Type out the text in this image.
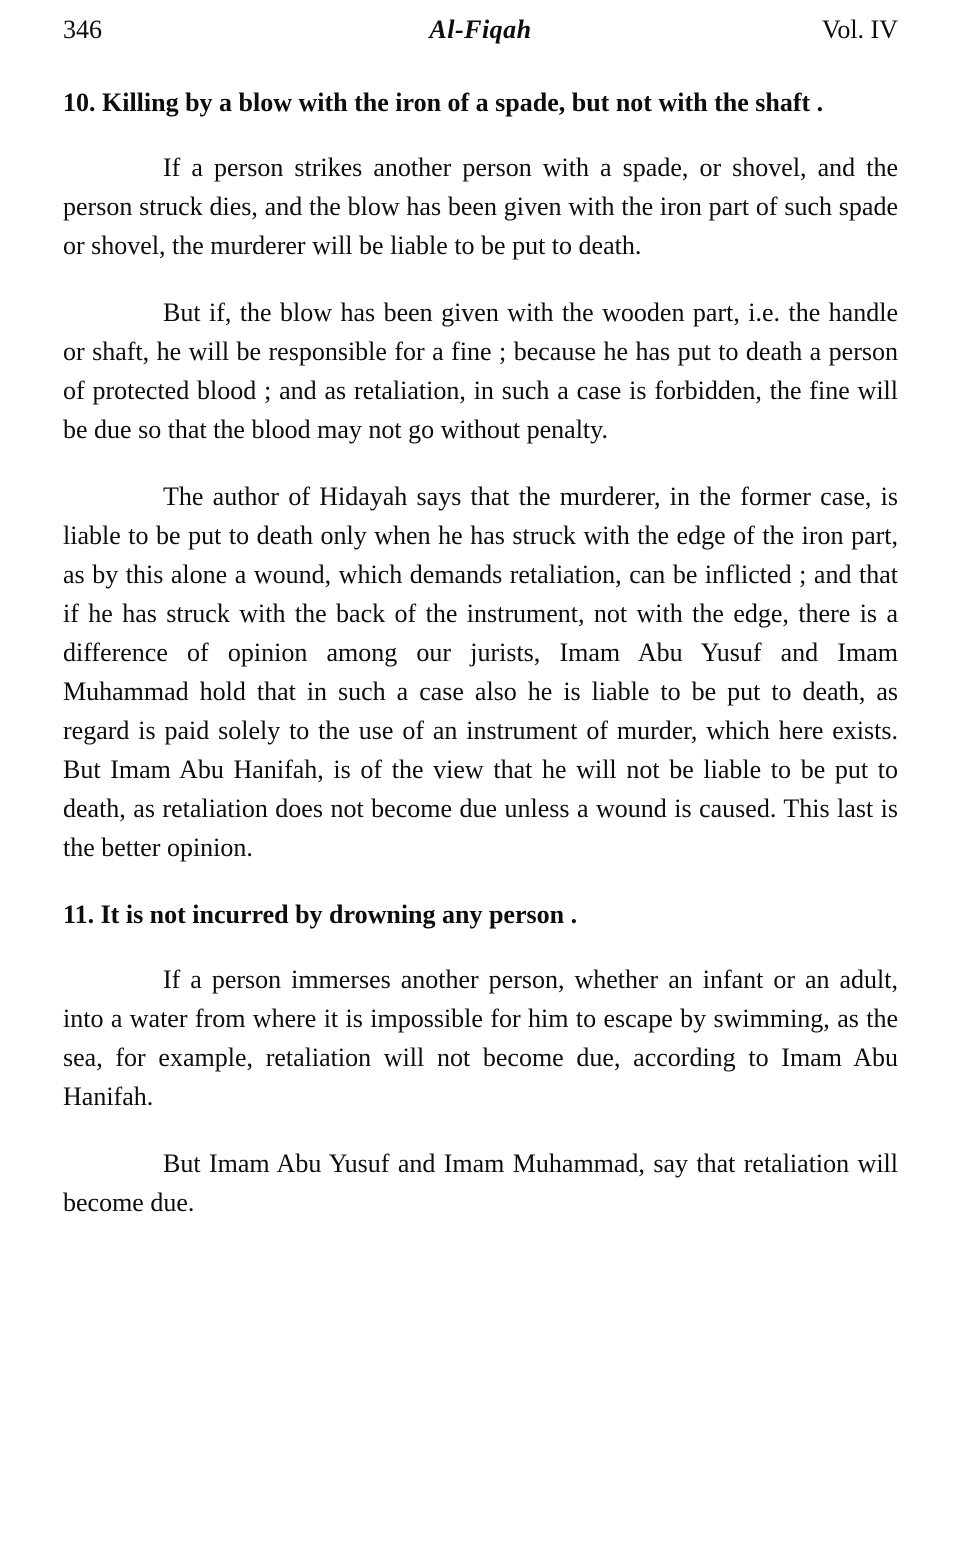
346	Al-Fiqah	Vol. IV
10. Killing by a blow with the iron of a spade, but not with the shaft .

If a person strikes another person with a spade, or shovel, and the person struck dies, and the blow has been given with the iron part of such spade or shovel, the murderer will be liable to be put to death.

But if, the blow has been given with the wooden part, i.e. the handle or shaft, he will be responsible for a fine ; because he has put to death a person of protected blood ; and as retaliation, in such a case is forbidden, the fine will be due so that the blood may not go without penalty.

The author of Hidayah says that the murderer, in the former case, is liable to be put to death only when he has struck with the edge of the iron part, as by this alone a wound, which demands retaliation, can be inflicted ; and that if he has struck with the back of the instrument, not with the edge, there is a difference of opinion among our jurists, Imam Abu Yusuf and Imam Muhammad hold that in such a case also he is liable to be put to death, as regard is paid solely to the use of an instrument of murder, which here exists. But Imam Abu Hanifah, is of the view that he will not be liable to be put to death, as retaliation does not become due unless a wound is caused. This last is the better opinion.

11. It is not incurred by drowning any person .

If a person immerses another person, whether an infant or an adult, into a water from where it is impossible for him to escape by swimming, as the sea, for example, retaliation will not become due, according to Imam Abu Hanifah.

But Imam Abu Yusuf and Imam Muhammad, say that retaliation will become due.
